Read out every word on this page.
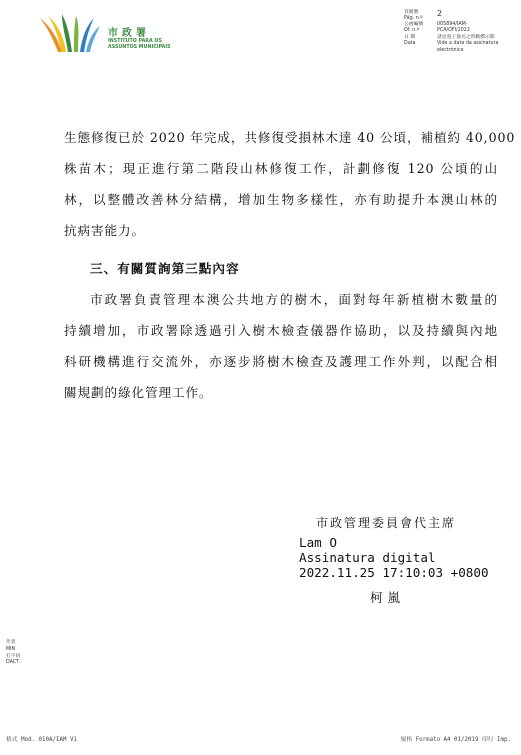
市政署
INSTITUTO PARA OS
ASSUNTOS MUNICIPAIS
頁碼號
Pág. n.º
2
公函編號	005894/IAM-
Of. n.º	PCA/OFI/2022
日 期	請見電子簽名之時戳標示期
Data	Vide a data da assinatura
electrónica
生態修復已於 2020 年完成，共修復受損林木達 40 公頃，補植約 40,000
株苗木；現正進行第二階段山林修復工作，計劃修復 120 公頃的山
林，以整體改善林分結構，增加生物多樣性，亦有助提升本澳山林的
抗病害能力。
三、有關質詢第三點內容
市政署負責管理本澳公共地方的樹木，面對每年新植樹木數量的
持續增加，市政署除透過引入樹木檢查儀器作協助，以及持續與內地
科研機構進行交流外，亦逐步將樹木檢查及護理工作外判，以配合相
關規劃的綠化管理工作。
市政管理委員會代主席
Lam O
Assinatura digital
2022.11.25 17:10:03 +0800
柯嵐
作者
MIN
打字員
DACT.
格式 Mod. 010A/IAM V1	規格 Formato A4 01/2019 印行 Imp.
